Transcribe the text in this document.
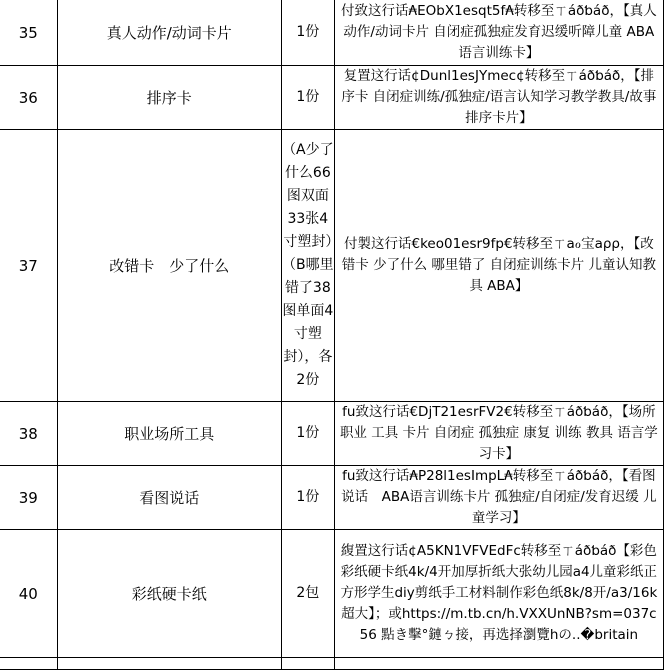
35	真人动作/动词卡片	1份	付致这行话₳EObX1esqt5f₳转移至ㄒáðƅáð，【真人动作/动词卡片 自闭症孤独症发育迟缓听障儿童 ABA语言训练卡】
36	排序卡	1份	复置这行话¢Dunl1esJYmec¢转移至ㄒáðƅáð，【排序卡 自闭症训练/孤独症/语言认知学习教学教具/故事排序卡片】
37	改错卡　少了什么	（A少了什么66图双面33张4寸塑封）（B哪里错了38图单面4寸塑封），各2份	付製这行话€keo01esr9fp€转移至ㄒaℴ宝aρρ，【改错卡 少了什么 哪里错了 自闭症训练卡片 儿童认知教具 ABA】
38	职业场所工具	1份	fu致这行话€DjT21esrFV2€转移至ㄒáðƅáð，【场所 职业 工具 卡片 自闭症 孤独症 康复 训练 教具 语言学习卡】
39	看图说话	1份	fu致这行话₳P28l1esImpL₳转移至ㄒáðƅáð，【看图说话　ABA语言训练卡片 孤独症/自闭症/发育迟缓 儿童学习】
40	彩纸硬卡纸	2包	緮置这行话¢A5KN1VFVEdFc转移至ㄒáðƅáð【彩色彩纸硬卡纸4k/4开加厚折纸大张幼儿园a4儿童彩纸正方形学生diy剪纸手工材料制作彩色纸8k/8开/a3/16k超大】；或https://m.tb.cn/h.VXXUnNB?sm=037c56 點き擊°鏈ㄅ接，再选择瀏覽hの..�britain
